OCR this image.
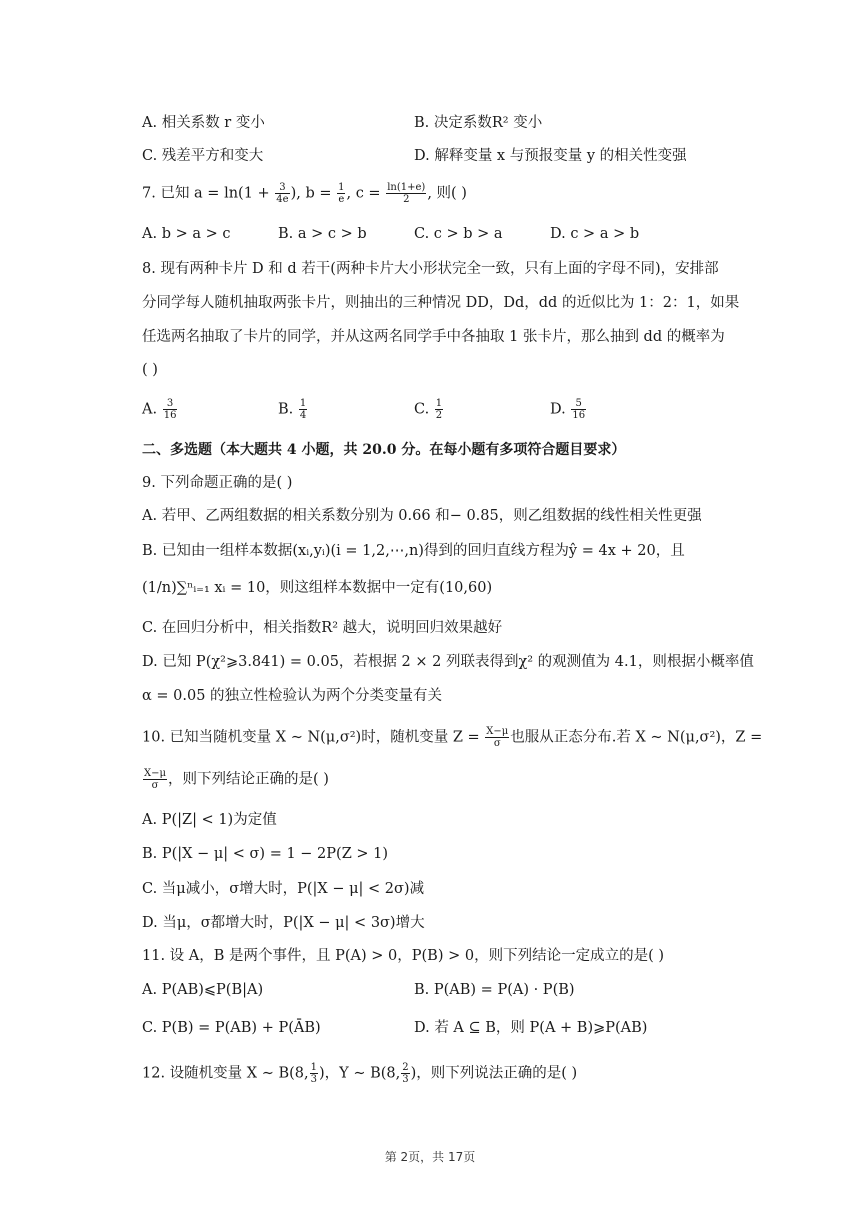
A. 相关系数 r 变小	B. 决定系数R² 变小
C. 残差平方和变大	D. 解释变量 x 与预报变量 y 的相关性变强
7. 已知 $a = \ln(1 + \frac{3}{4e}$ ), $b = \frac{1}{e}$ , $c = \frac{\ln(1+e)}{2}$ , 则( )
A. b > a > c	B. a > c > b	C. c > b > a	D. c > a > b
8. 现有两种卡片 D 和 d 若干(两种卡片大小形状完全一致，只有上面的字母不同)，安排部
分同学每人随机抽取两张卡片，则抽出的三种情况 DD，Dd，dd 的近似比为 1：2：1，如果
任选两名抽取了卡片的同学，并从这两名同学手中各抽取 1 张卡片，那么抽到 dd 的概率为
( )
A. $\frac{3}{16}$	B. $\frac{1}{4}$	C. $\frac{1}{2}$	D. $\frac{5}{16}$
二、多选题（本大题共 4 小题，共 20.0 分。在每小题有多项符合题目要求）
9. 下列命题正确的是( )
A. 若甲、乙两组数据的相关系数分别为 0.66 和− 0.85，则乙组数据的线性相关性更强
B. 已知由一组样本数据(xᵢ,yᵢ)(i = 1,2,⋯,n)得到的回归直线方程为ŷ = 4x + 20，且
(1/n)∑ⁿᵢ₌₁ xᵢ = 10，则这组样本数据中一定有(10,60)
C. 在回归分析中，相关指数R² 越大，说明回归效果越好
D. 已知 P(χ²⩾3.841) = 0.05，若根据 2 × 2 列联表得到χ² 的观测值为 4.1，则根据小概率值
α = 0.05 的独立性检验认为两个分类变量有关
10. 已知当随机变量 X ∼ N(μ,σ²)时，随机变量 $Z = \frac{X-\mu}{\sigma}$ 也服从正态分布.若 X ∼ N(μ,σ²)，Z =
$\frac{X-\mu}{\sigma}$ ，则下列结论正确的是( )
A. P(|Z| < 1)为定值
B. P(|X − μ| < σ) = 1 − 2P(Z > 1)
C. 当μ减小，σ增大时，P(|X − μ| < 2σ)减
D. 当μ，σ都增大时，P(|X − μ| < 3σ)增大
11. 设 A，B 是两个事件，且 P(A) > 0，P(B) > 0，则下列结论一定成立的是( )
A. P(AB)⩽P(B|A)	B. P(AB) = P(A) · P(B)
C. P(B) = P(AB) + P(ĀB)	D. 若 A ⊆ B，则 P(A + B)⩾P(AB)
12. 设随机变量 X ∼ B(8, $\frac{1}{3}$ )，Y ∼ B(8, $\frac{2}{3}$ )，则下列说法正确的是( )
第 2页，共 17页
